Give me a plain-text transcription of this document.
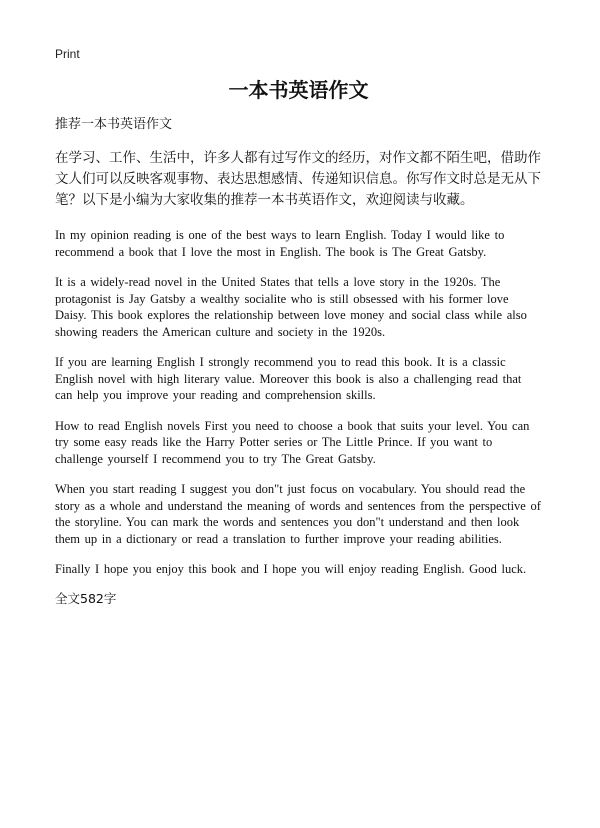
Print

一本书英语作文

推荐一本书英语作文

在学习、工作、生活中，许多人都有过写作文的经历，对作文都不陌生吧，借助作文人们可以反映客观事物、表达思想感情、传递知识信息。你写作文时总是无从下笔？以下是小编为大家收集的推荐一本书英语作文，欢迎阅读与收藏。

In my opinion reading is one of the best ways to learn English. Today I would like to recommend a book that I love the most in English. The book is The Great Gatsby.

It is a widely-read novel in the United States that tells a love story in the 1920s. The protagonist is Jay Gatsby a wealthy socialite who is still obsessed with his former love Daisy. This book explores the relationship between love money and social class while also showing readers the American culture and society in the 1920s.

If you are learning English I strongly recommend you to read this book. It is a classic English novel with high literary value. Moreover this book is also a challenging read that can help you improve your reading and comprehension skills.

How to read English novels First you need to choose a book that suits your level. You can try some easy reads like the Harry Potter series or The Little Prince. If you want to challenge yourself I recommend you to try The Great Gatsby.

When you start reading I suggest you don"t just focus on vocabulary. You should read the story as a whole and understand the meaning of words and sentences from the perspective of the storyline. You can mark the words and sentences you don"t understand and then look them up in a dictionary or read a translation to further improve your reading abilities.

Finally I hope you enjoy this book and I hope you will enjoy reading English. Good luck.

全文582字
